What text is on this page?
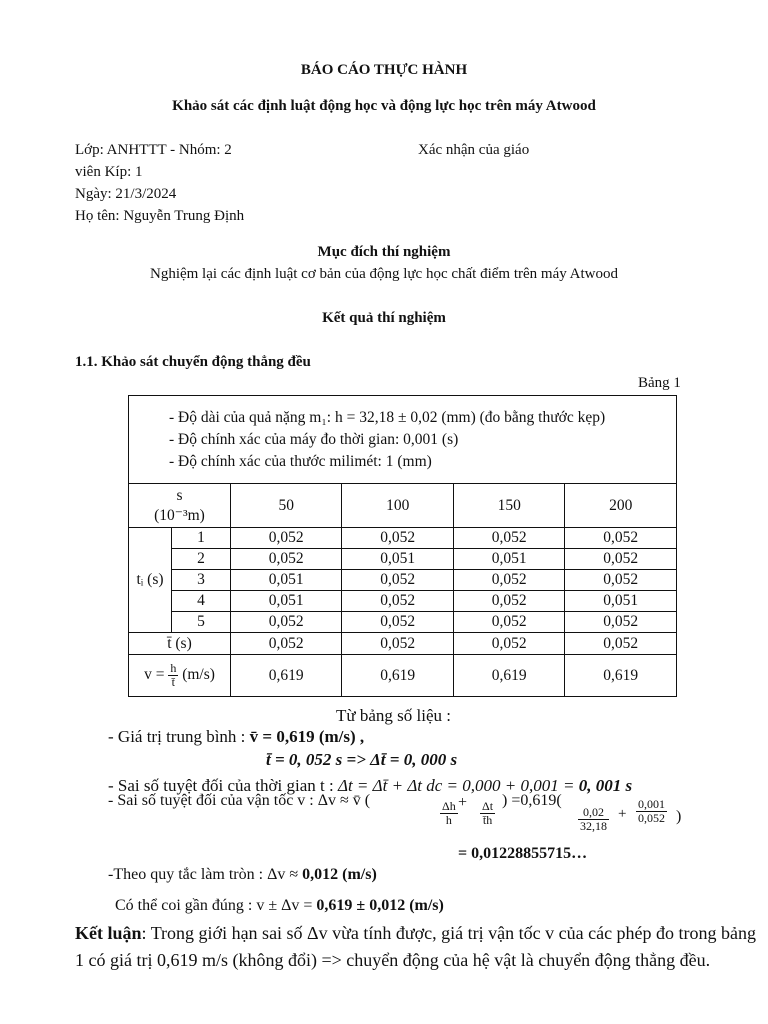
BÁO CÁO THỰC HÀNH
Khảo sát các định luật động học và động lực học trên máy Atwood
Lớp: ANHTTT - Nhóm: 2	Xác nhận của giáo
viên Kíp: 1
Ngày: 21/3/2024
Họ tên: Nguyễn Trung Định
Mục đích thí nghiệm
Nghiệm lại các định luật cơ bản của động lực học chất điểm trên máy Atwood
Kết quả thí nghiệm
1.1. Khảo sát chuyển động thẳng đều
Bảng 1
- Độ dài của quả nặng m₁: h = 32,18 ± 0,02 (mm) (đo bằng thước kẹp)
- Độ chính xác của máy đo thời gian: 0,001 (s)
- Độ chính xác của thước milimét: 1 (mm)					

s
(10⁻³m)		50	100	150	200
tᵢ (s)	1	0,052	0,052	0,052	0,052
	2	0,052	0,051	0,051	0,052
	3	0,051	0,052	0,052	0,052
	4	0,051	0,052	0,052	0,051
	5	0,052	0,052	0,052	0,052
t̄ (s)		0,052	0,052	0,052	0,052
$v = \frac{h}{t̄} (m/s)$		0,619	0,619	0,619	0,619
Từ bảng số liệu :
- Giá trị trung bình : v̄ = 0,619 (m/s) ,
t̄ = 0, 052 s => Δt̄ = 0, 000 s
- Sai số tuyệt đối của thời gian t : Δt = Δt̄ + Δt dc = 0,000 + 0,001 = 0, 001 s
- Sai số tuyệt đối của vận tốc v : Δv ≈ v̄ (	$\frac{\Delta h}{h} + \frac{\Delta t}{t̄h}$ ) =0,619(
$\frac{0,02}{32,18} + \frac{0,001}{0,052}$ )
= 0,01228855715…
-Theo quy tắc làm tròn : Δv ≈ 0,012 (m/s)
Có thể coi gần đúng : v ± Δv = 0,619 ± 0,012 (m/s)
Kết luận: Trong giới hạn sai số Δv vừa tính được, giá trị vận tốc v của các phép đo trong bảng 1 có giá trị 0,619 m/s (không đổi) => chuyển động của hệ vật là chuyển động thẳng đều.
